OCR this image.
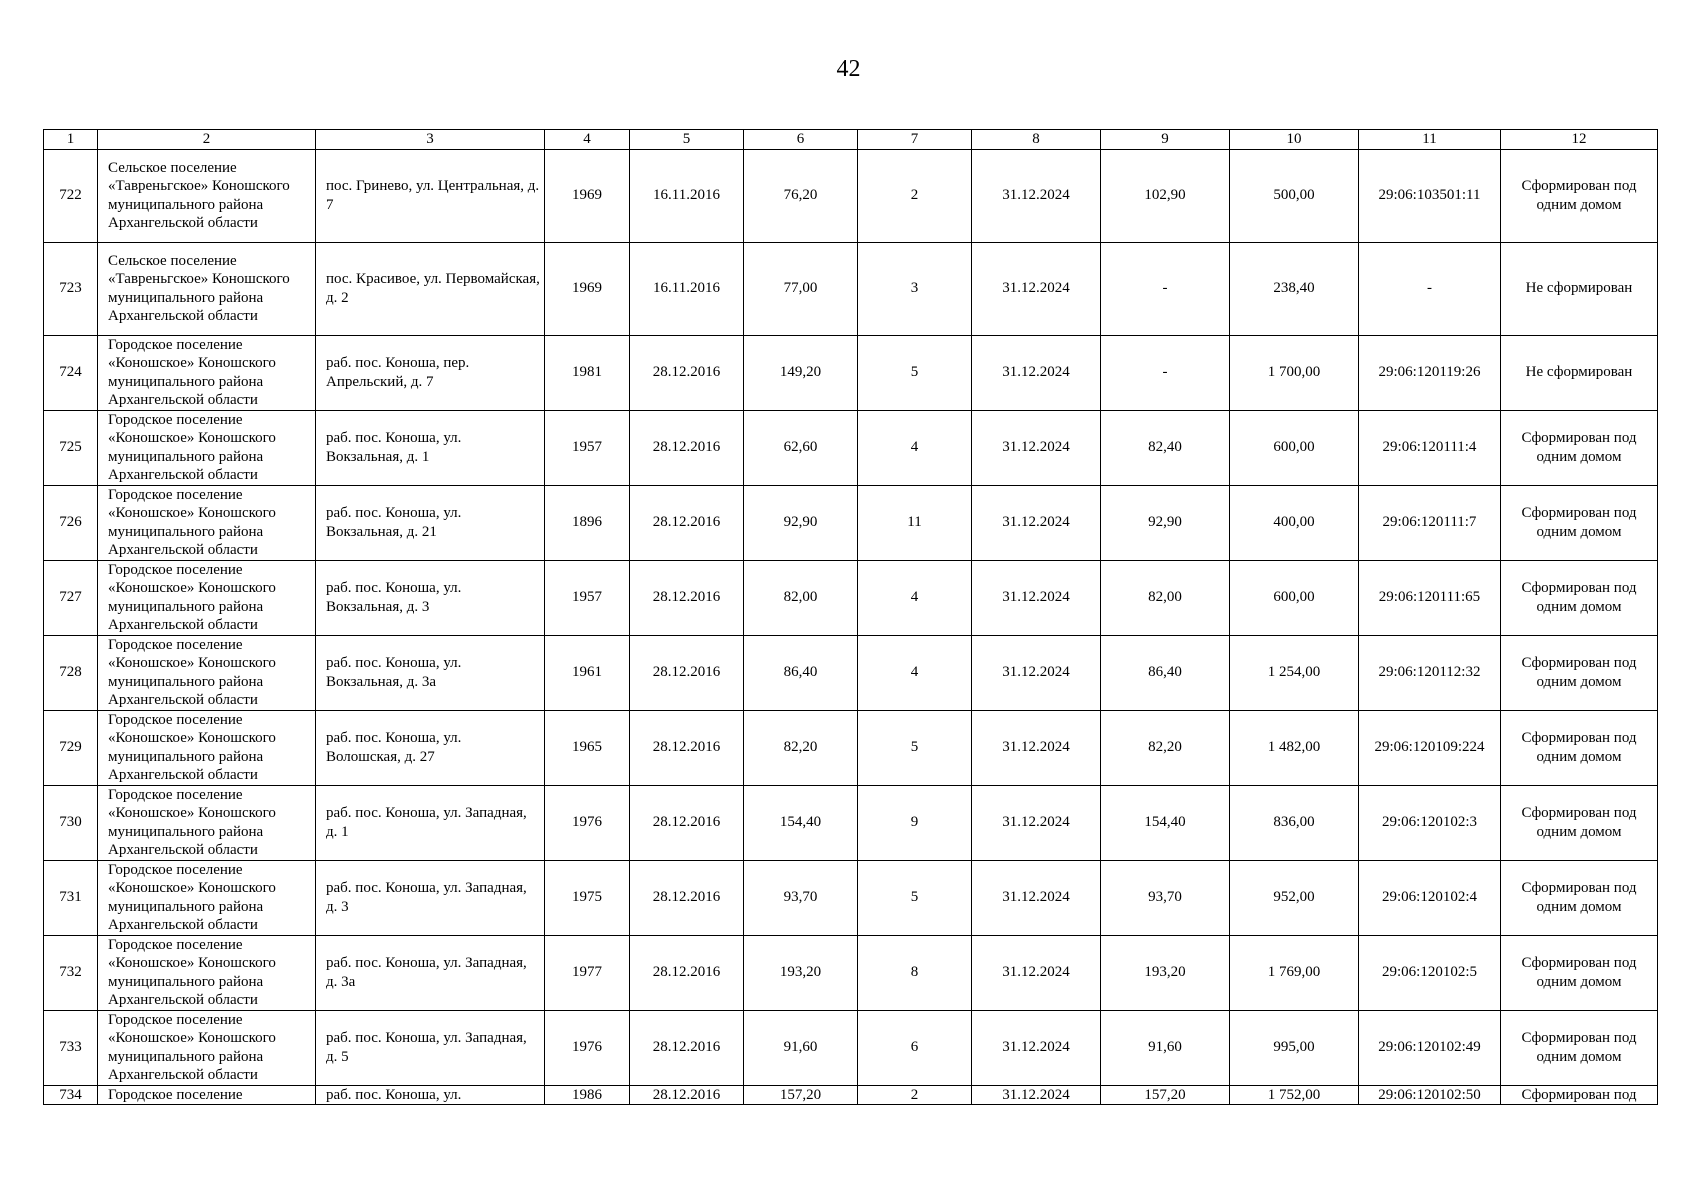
42
1	2	3	4	5	6	7	8	9	10	11	12
722	Сельское поселение «Тавреньгское» Коношского муниципального района Архангельской области	пос. Гринево, ул. Центральная, д. 7	1969	16.11.2016	76,20	2	31.12.2024	102,90	500,00	29:06:103501:11	Сформирован под одним домом
723	Сельское поселение «Тавреньгское» Коношского муниципального района Архангельской области	пос. Красивое, ул. Первомайская, д. 2	1969	16.11.2016	77,00	3	31.12.2024	-	238,40	-	Не сформирован
724	Городское поселение «Коношское» Коношского муниципального района Архангельской области	раб. пос. Коноша, пер. Апрельский, д. 7	1981	28.12.2016	149,20	5	31.12.2024	-	1 700,00	29:06:120119:26	Не сформирован
725	Городское поселение «Коношское» Коношского муниципального района Архангельской области	раб. пос. Коноша, ул. Вокзальная, д. 1	1957	28.12.2016	62,60	4	31.12.2024	82,40	600,00	29:06:120111:4	Сформирован под одним домом
726	Городское поселение «Коношское» Коношского муниципального района Архангельской области	раб. пос. Коноша, ул. Вокзальная, д. 21	1896	28.12.2016	92,90	11	31.12.2024	92,90	400,00	29:06:120111:7	Сформирован под одним домом
727	Городское поселение «Коношское» Коношского муниципального района Архангельской области	раб. пос. Коноша, ул. Вокзальная, д. 3	1957	28.12.2016	82,00	4	31.12.2024	82,00	600,00	29:06:120111:65	Сформирован под одним домом
728	Городское поселение «Коношское» Коношского муниципального района Архангельской области	раб. пос. Коноша, ул. Вокзальная, д. 3а	1961	28.12.2016	86,40	4	31.12.2024	86,40	1 254,00	29:06:120112:32	Сформирован под одним домом
729	Городское поселение «Коношское» Коношского муниципального района Архангельской области	раб. пос. Коноша, ул. Волошская, д. 27	1965	28.12.2016	82,20	5	31.12.2024	82,20	1 482,00	29:06:120109:224	Сформирован под одним домом
730	Городское поселение «Коношское» Коношского муниципального района Архангельской области	раб. пос. Коноша, ул. Западная, д. 1	1976	28.12.2016	154,40	9	31.12.2024	154,40	836,00	29:06:120102:3	Сформирован под одним домом
731	Городское поселение «Коношское» Коношского муниципального района Архангельской области	раб. пос. Коноша, ул. Западная, д. 3	1975	28.12.2016	93,70	5	31.12.2024	93,70	952,00	29:06:120102:4	Сформирован под одним домом
732	Городское поселение «Коношское» Коношского муниципального района Архангельской области	раб. пос. Коноша, ул. Западная, д. 3а	1977	28.12.2016	193,20	8	31.12.2024	193,20	1 769,00	29:06:120102:5	Сформирован под одним домом
733	Городское поселение «Коношское» Коношского муниципального района Архангельской области	раб. пос. Коноша, ул. Западная, д. 5	1976	28.12.2016	91,60	6	31.12.2024	91,60	995,00	29:06:120102:49	Сформирован под одним домом
734	Городское поселение	раб. пос. Коноша, ул.	1986	28.12.2016	157,20	2	31.12.2024	157,20	1 752,00	29:06:120102:50	Сформирован под
